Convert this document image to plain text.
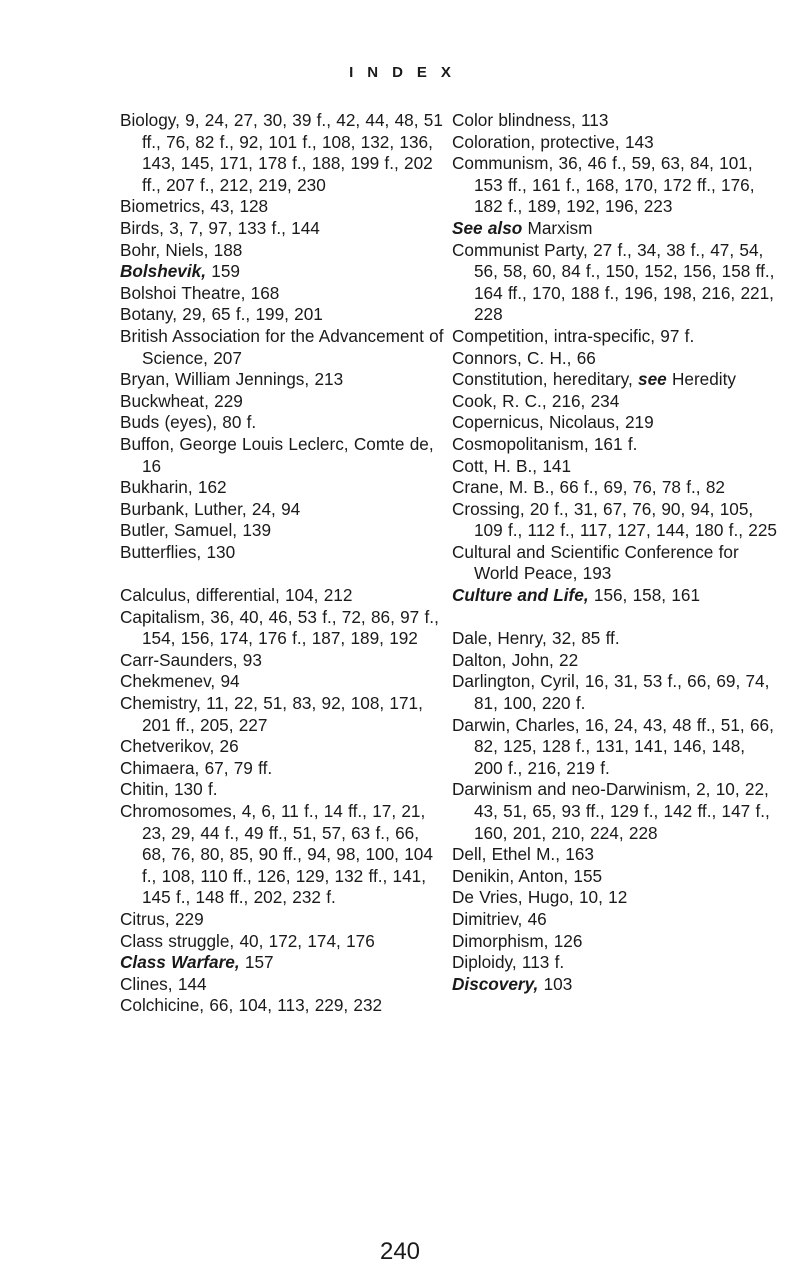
INDEX
Biology, 9, 24, 27, 30, 39 f., 42, 44, 48, 51 ff., 76, 82 f., 92, 101 f., 108, 132, 136, 143, 145, 171, 178 f., 188, 199 f., 202 ff., 207 f., 212, 219, 230
Biometrics, 43, 128
Birds, 3, 7, 97, 133 f., 144
Bohr, Niels, 188
Bolshevik, 159
Bolshoi Theatre, 168
Botany, 29, 65 f., 199, 201
British Association for the Advancement of Science, 207
Bryan, William Jennings, 213
Buckwheat, 229
Buds (eyes), 80 f.
Buffon, George Louis Leclerc, Comte de, 16
Bukharin, 162
Burbank, Luther, 24, 94
Butler, Samuel, 139
Butterflies, 130
Calculus, differential, 104, 212
Capitalism, 36, 40, 46, 53 f., 72, 86, 97 f., 154, 156, 174, 176 f., 187, 189, 192
Carr-Saunders, 93
Chekmenev, 94
Chemistry, 11, 22, 51, 83, 92, 108, 171, 201 ff., 205, 227
Chetverikov, 26
Chimaera, 67, 79 ff.
Chitin, 130 f.
Chromosomes, 4, 6, 11 f., 14 ff., 17, 21, 23, 29, 44 f., 49 ff., 51, 57, 63 f., 66, 68, 76, 80, 85, 90 ff., 94, 98, 100, 104 f., 108, 110 ff., 126, 129, 132 ff., 141, 145 f., 148 ff., 202, 232 f.
Citrus, 229
Class struggle, 40, 172, 174, 176
Class Warfare, 157
Clines, 144
Colchicine, 66, 104, 113, 229, 232
Color blindness, 113
Coloration, protective, 143
Communism, 36, 46 f., 59, 63, 84, 101, 153 ff., 161 f., 168, 170, 172 ff., 176, 182 f., 189, 192, 196, 223
See also Marxism
Communist Party, 27 f., 34, 38 f., 47, 54, 56, 58, 60, 84 f., 150, 152, 156, 158 ff., 164 ff., 170, 188 f., 196, 198, 216, 221, 228
Competition, intra-specific, 97 f.
Connors, C. H., 66
Constitution, hereditary, see Heredity
Cook, R. C., 216, 234
Copernicus, Nicolaus, 219
Cosmopolitanism, 161 f.
Cott, H. B., 141
Crane, M. B., 66 f., 69, 76, 78 f., 82
Crossing, 20 f., 31, 67, 76, 90, 94, 105, 109 f., 112 f., 117, 127, 144, 180 f., 225
Cultural and Scientific Conference for World Peace, 193
Culture and Life, 156, 158, 161
Dale, Henry, 32, 85 ff.
Dalton, John, 22
Darlington, Cyril, 16, 31, 53 f., 66, 69, 74, 81, 100, 220 f.
Darwin, Charles, 16, 24, 43, 48 ff., 51, 66, 82, 125, 128 f., 131, 141, 146, 148, 200 f., 216, 219 f.
Darwinism and neo-Darwinism, 2, 10, 22, 43, 51, 65, 93 ff., 129 f., 142 ff., 147 f., 160, 201, 210, 224, 228
Dell, Ethel M., 163
Denikin, Anton, 155
De Vries, Hugo, 10, 12
Dimitriev, 46
Dimorphism, 126
Diploidy, 113 f.
Discovery, 103
240
